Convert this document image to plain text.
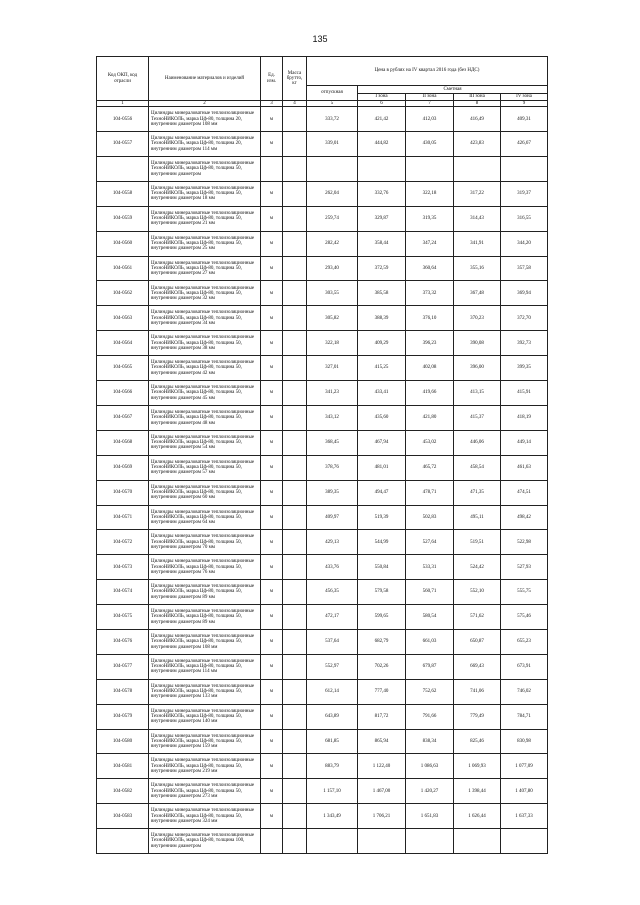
135
Код ОКП, код отрасли	Наименование материалов и изделий	Ед. изм.	Масса брутто, кг	Цена в рублях на IV квартал 2016 года (без НДС)				
				отпускная	Сметная			
					I зона	II зона	III зона	IV зона
1	2	3	4	5	6	7	8	9
104-0556	Цилиндры минераловатные теплоизоляционные ТехноНИКОЛЬ, марка Цф-80, толщина 20, внутренним диаметром 108 мм	м		333,72	421,42	412,03	416,49	409,31
104-0557	Цилиндры минераловатные теплоизоляционные ТехноНИКОЛЬ, марка Цф-80, толщина 20, внутренним диаметром 114 мм	м		339,01	444,82	430,05	423,83	426,67
	Цилиндры минераловатные теплоизоляционные ТехноНИКОЛЬ, марка Цф-80, толщина 50, внутренним диаметром							
104-0558	Цилиндры минераловатные теплоизоляционные ТехноНИКОЛЬ, марка Цф-80, толщина 50, внутренним диаметром 18 мм	м		262,04	332,76	322,18	317,22	319,37
104-0559	Цилиндры минераловатные теплоизоляционные ТехноНИКОЛЬ, марка Цф-80, толщина 50, внутренним диаметром 21 мм	м		259,74	329,87	319,35	314,43	316,55
104-0560	Цилиндры минераловатные теплоизоляционные ТехноНИКОЛЬ, марка Цф-80, толщина 50, внутренним диаметром 25 мм	м		282,42	358,44	347,24	341,91	344,20
104-0561	Цилиндры минераловатные теплоизоляционные ТехноНИКОЛЬ, марка Цф-80, толщина 50, внутренним диаметром 27 мм	м		293,40	372,59	360,64	355,16	357,58
104-0562	Цилиндры минераловатные теплоизоляционные ТехноНИКОЛЬ, марка Цф-80, толщина 50, внутренним диаметром 32 мм	м		303,55	385,58	373,32	367,48	369,94
104-0563	Цилиндры минераловатные теплоизоляционные ТехноНИКОЛЬ, марка Цф-80, толщина 50, внутренним диаметром 34 мм	м		305,82	388,39	376,10	370,23	372,70
104-0564	Цилиндры минераловатные теплоизоляционные ТехноНИКОЛЬ, марка Цф-80, толщина 50, внутренним диаметром 38 мм	м		322,18	409,29	396,23	390,08	392,73
104-0565	Цилиндры минераловатные теплоизоляционные ТехноНИКОЛЬ, марка Цф-80, толщина 50, внутренним диаметром 42 мм	м		327,01	415,25	402,08	396,00	399,35
104-0566	Цилиндры минераловатные теплоизоляционные ТехноНИКОЛЬ, марка Цф-80, толщина 50, внутренним диаметром 45 мм	м		341,23	433,41	419,66	413,15	415,91
104-0567	Цилиндры минераловатные теплоизоляционные ТехноНИКОЛЬ, марка Цф-80, толщина 50, внутренним диаметром 48 мм	м		343,12	435,60	421,80	415,37	418,19
104-0568	Цилиндры минераловатные теплоизоляционные ТехноНИКОЛЬ, марка Цф-80, толщина 50, внутренним диаметром 54 мм	м		368,45	467,94	453,02	446,06	449,14
104-0569	Цилиндры минераловатные теплоизоляционные ТехноНИКОЛЬ, марка Цф-80, толщина 50, внутренним диаметром 57 мм	м		378,76	481,01	465,72	458,54	461,63
104-0570	Цилиндры минераловатные теплоизоляционные ТехноНИКОЛЬ, марка Цф-80, толщина 50, внутренним диаметром 60 мм	м		389,35	494,47	478,71	471,35	474,51
104-0571	Цилиндры минераловатные теплоизоляционные ТехноНИКОЛЬ, марка Цф-80, толщина 50, внутренним диаметром 64 мм	м		409,97	519,39	502,83	495,11	498,42
104-0572	Цилиндры минераловатные теплоизоляционные ТехноНИКОЛЬ, марка Цф-80, толщина 50, внутренним диаметром 70 мм	м		429,13	544,99	527,64	519,51	522,98
104-0573	Цилиндры минераловатные теплоизоляционные ТехноНИКОЛЬ, марка Цф-80, толщина 50, внутренним диаметром 76 мм	м		433,76	550,84	533,31	524,42	527,93
104-0574	Цилиндры минераловатные теплоизоляционные ТехноНИКОЛЬ, марка Цф-80, толщина 50, внутренним диаметром 89 мм	м		456,35	579,58	560,71	552,10	555,75
104-0575	Цилиндры минераловатные теплоизоляционные ТехноНИКОЛЬ, марка Цф-80, толщина 50, внутренним диаметром 89 мм	м		472,17	599,65	580,54	571,62	575,46
104-0576	Цилиндры минераловатные теплоизоляционные ТехноНИКОЛЬ, марка Цф-80, толщина 50, внутренним диаметром 108 мм	м		537,64	682,79	661,03	650,87	655,23
104-0577	Цилиндры минераловатные теплоизоляционные ТехноНИКОЛЬ, марка Цф-80, толщина 50, внутренним диаметром 114 мм	м		552,97	702,26	679,87	669,43	673,91
104-0578	Цилиндры минераловатные теплоизоляционные ТехноНИКОЛЬ, марка Цф-80, толщина 50, внутренним диаметром 133 мм	м		612,14	777,40	752,62	741,06	746,02
104-0579	Цилиндры минераловатные теплоизоляционные ТехноНИКОЛЬ, марка Цф-80, толщина 50, внутренним диаметром 140 мм	м		643,89	817,72	791,66	779,49	784,71
104-0580	Цилиндры минераловатные теплоизоляционные ТехноНИКОЛЬ, марка Цф-80, толщина 50, внутренним диаметром 159 мм	м		681,85	865,94	838,34	825,46	830,98
104-0581	Цилиндры минераловатные теплоизоляционные ТехноНИКОЛЬ, марка Цф-80, толщина 50, внутренним диаметром 219 мм	м		883,79	1 122,40	1 086,63	1 069,93	1 077,09
104-0582	Цилиндры минераловатные теплоизоляционные ТехноНИКОЛЬ, марка Цф-80, толщина 50, внутренним диаметром 273 мм	м		1 157,10	1 467,00	1 420,27	1 398,44	1 407,80
104-0583	Цилиндры минераловатные теплоизоляционные ТехноНИКОЛЬ, марка Цф-80, толщина 50, внутренним диаметром 324 мм	м		1 343,49	1 706,21	1 651,83	1 626,44	1 637,33
	Цилиндры минераловатные теплоизоляционные ТехноНИКОЛЬ, марка Цф-80, толщина 100, внутренним диаметром							
